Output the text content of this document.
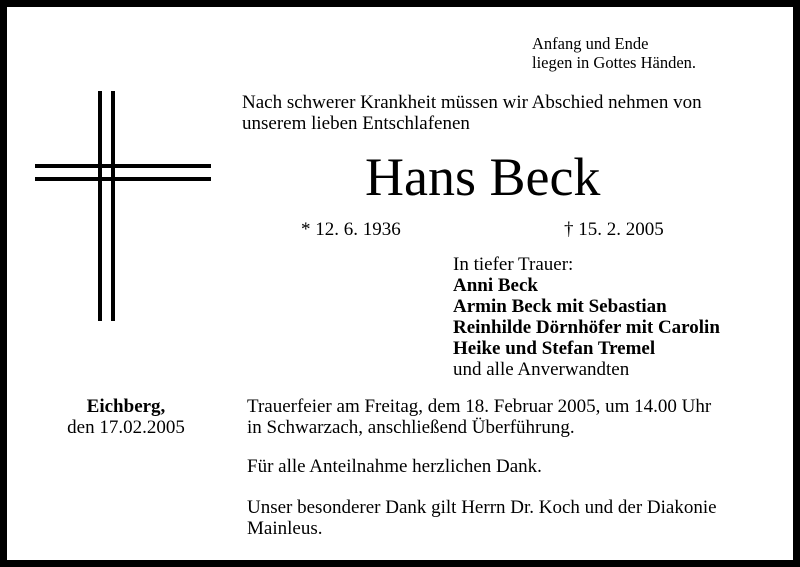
Anfang und Ende
liegen in Gottes Händen.
Nach schwerer Krankheit müssen wir Abschied nehmen von
unserem lieben Entschlafenen
Hans Beck
* 12. 6. 1936	† 15. 2. 2005
In tiefer Trauer:
Anni Beck
Armin Beck mit Sebastian
Reinhilde Dörnhöfer mit Carolin
Heike und Stefan Tremel
und alle Anverwandten
Eichberg,
den 17.02.2005
Trauerfeier am Freitag, dem 18. Februar 2005, um 14.00 Uhr
in Schwarzach, anschließend Überführung.
Für alle Anteilnahme herzlichen Dank.
Unser besonderer Dank gilt Herrn Dr. Koch und der Diakonie
Mainleus.
